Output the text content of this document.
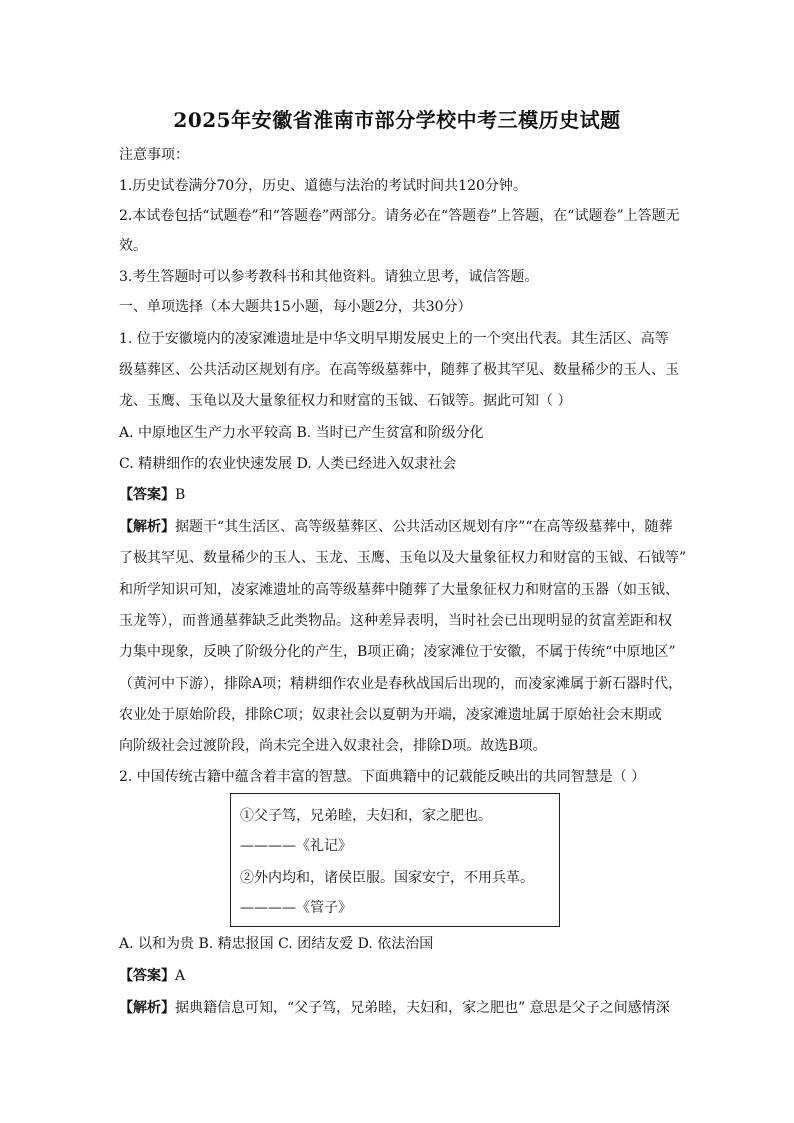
2025年安徽省淮南市部分学校中考三模历史试题
注意事项：
1.历史试卷满分70分，历史、道德与法治的考试时间共120分钟。
2.本试卷包括“试题卷”和“答题卷”两部分。请务必在“答题卷”上答题，在“试题卷”上答题无
效。
3.考生答题时可以参考教科书和其他资料。请独立思考，诚信答题。
一、单项选择（本大题共15小题，每小题2分，共30分）
1. 位于安徽境内的凌家滩遗址是中华文明早期发展史上的一个突出代表。其生活区、高等
级墓葬区、公共活动区规划有序。在高等级墓葬中，随葬了极其罕见、数量稀少的玉人、玉
龙、玉鹰、玉龟以及大量象征权力和财富的玉钺、石钺等。据此可知（ ）
A. 中原地区生产力水平较高 B. 当时已产生贫富和阶级分化
C. 精耕细作的农业快速发展 D. 人类已经进入奴隶社会
【答案】B
【解析】据题干“其生活区、高等级墓葬区、公共活动区规划有序”“在高等级墓葬中，随葬
了极其罕见、数量稀少的玉人、玉龙、玉鹰、玉龟以及大量象征权力和财富的玉钺、石钺等”
和所学知识可知，凌家滩遗址的高等级墓葬中随葬了大量象征权力和财富的玉器（如玉钺、
玉龙等），而普通墓葬缺乏此类物品。这种差异表明，当时社会已出现明显的贫富差距和权
力集中现象，反映了阶级分化的产生，B项正确；凌家滩位于安徽，不属于传统“中原地区”
（黄河中下游），排除A项；精耕细作农业是春秋战国后出现的，而凌家滩属于新石器时代，
农业处于原始阶段，排除C项；奴隶社会以夏朝为开端，凌家滩遗址属于原始社会末期或
向阶级社会过渡阶段，尚未完全进入奴隶社会，排除D项。故选B项。
2. 中国传统古籍中蕴含着丰富的智慧。下面典籍中的记载能反映出的共同智慧是（ ）
①父子笃，兄弟睦，夫妇和，家之肥也。
————《礼记》
②外内均和，诸侯臣服。国家安宁，不用兵革。
————《管子》
A. 以和为贵 B. 精忠报国 C. 团结友爱 D. 依法治国
【答案】A
【解析】据典籍信息可知，“父子笃，兄弟睦，夫妇和，家之肥也” 意思是父子之间感情深
